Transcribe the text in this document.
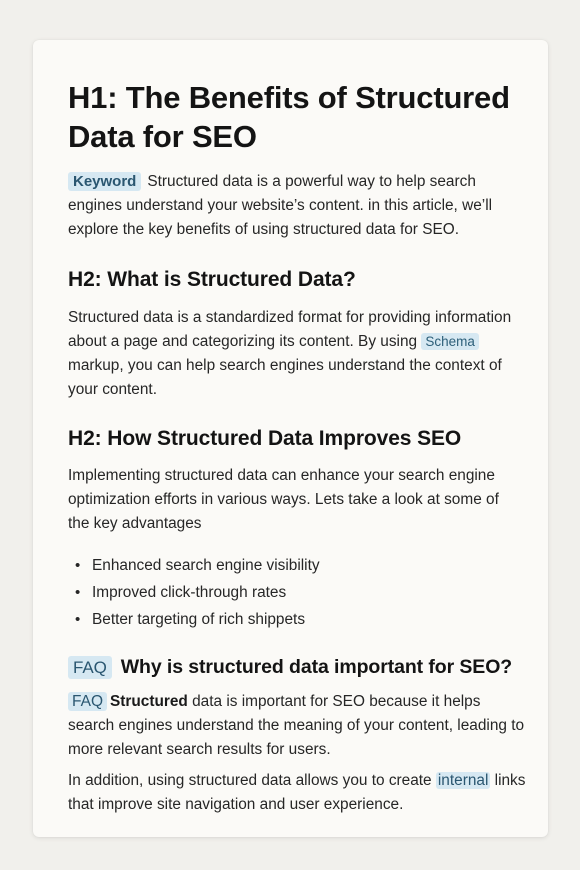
H1: The Benefits of Structured Data for SEO

Keyword Structured data is a powerful way to help search engines understand your website’s content. in this article, we’ll explore the key benefits of using structured data for SEO.

H2: What is Structured Data?

Structured data is a standardized format for providing information about a page and categorizing its content. By using Schema markup, you can help search engines understand the context of your content.

H2: How Structured Data Improves SEO

Implementing structured data can enhance your search engine optimization efforts in various ways. Lets take a look at some of the key advantages

• Enhanced search engine visibility
• Improved click-through rates
• Better targeting of rich shippets
FAQ Why is structured data important for SEO?

FAQ Structured data is important for SEO because it helps search engines understand the meaning of your content, leading to more relevant search results for users.

In addition, using structured data allows you to create internal links that improve site navigation and user experience.
